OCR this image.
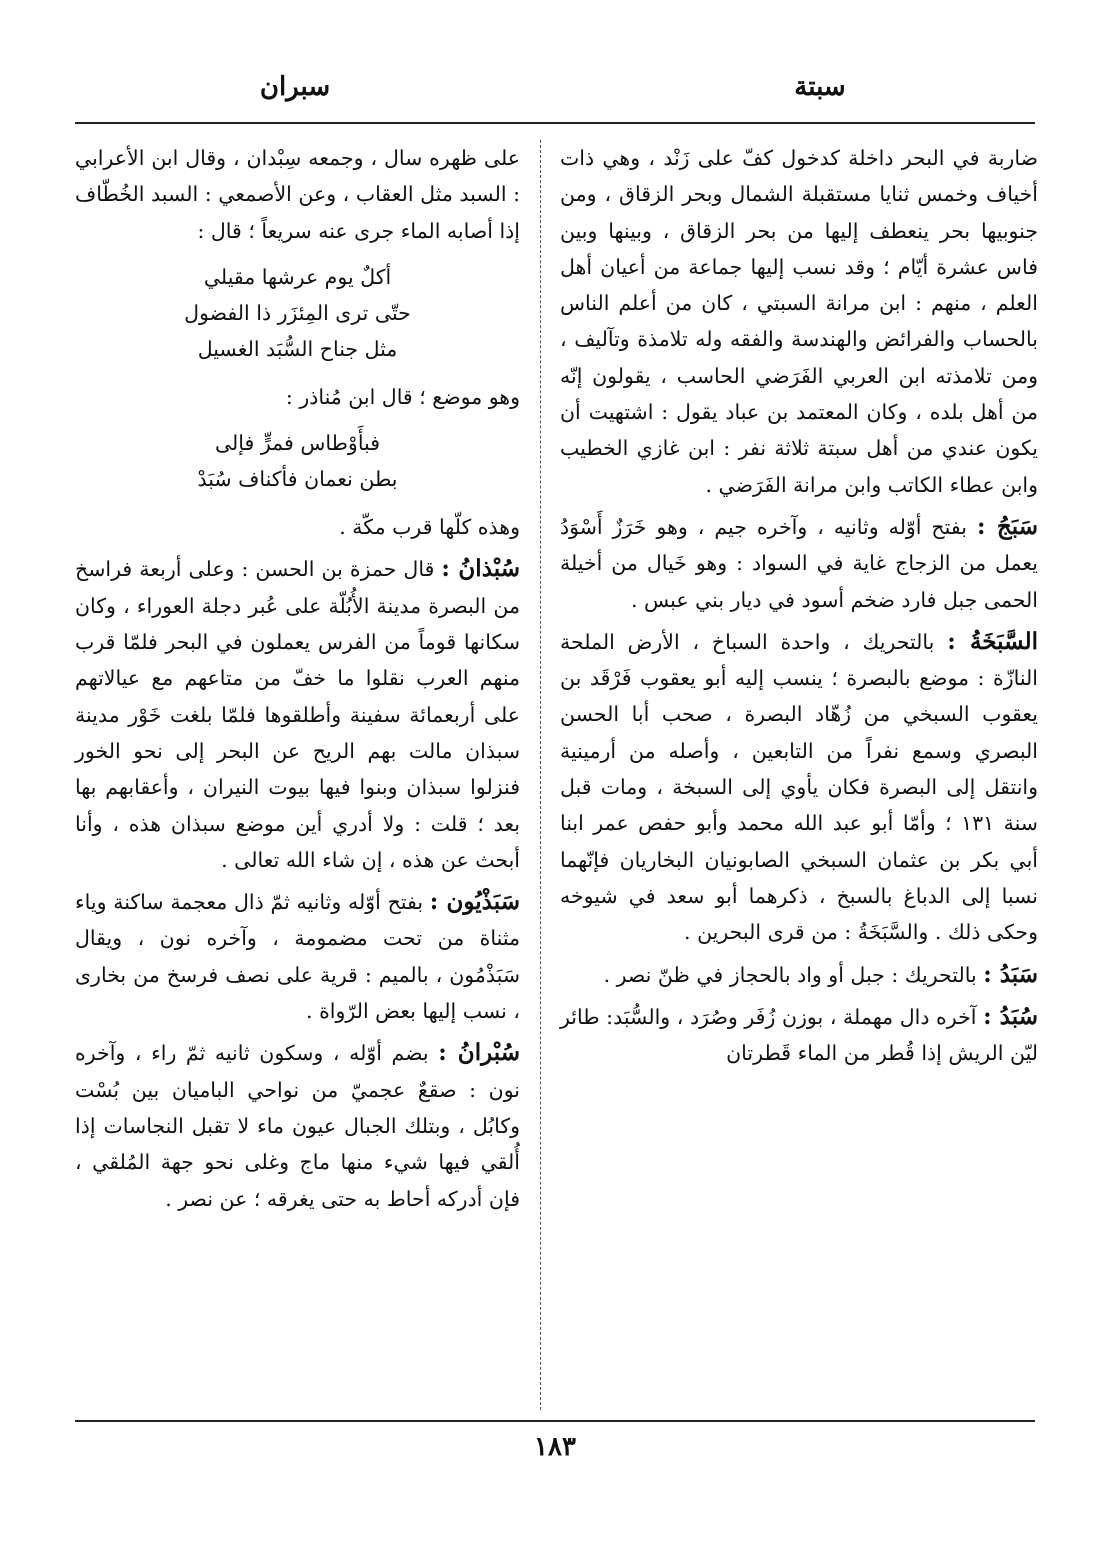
سبتة
سبران

ضاربة في البحر داخلة كدخول كفّ على زَنْد ، وهي ذات أخياف وخمس ثنايا مستقبلة الشمال وبحر الزقاق ، ومن جنوبيها بحر ينعطف إليها من بحر الزقاق ، وبينها وبين فاس عشرة أيّام ؛ وقد نسب إليها جماعة من أعيان أهل العلم ، منهم : ابن مرانة السبتي ، كان من أعلم الناس بالحساب والفرائض والهندسة والفقه وله تلامذة وتآليف ، ومن تلامذته ابن العربي الفَرَضي الحاسب ، يقولون إنّه من أهل بلده ، وكان المعتمد بن عباد يقول : اشتهيت أن يكون عندي من أهل سبتة ثلاثة نفر : ابن غازي الخطيب وابن عطاء الكاتب وابن مرانة الفَرَضي .

سَبَجُ : بفتح أوّله وثانيه ، وآخره جيم ، وهو خَرَزٌ أَسْوَدُ يعمل من الزجاج غاية في السواد : وهو خَيال من أخيلة الحمى جبل فارد ضخم أسود في ديار بني عبس .

السَّبَخَةُ : بالتحريك ، واحدة السباخ ، الأرض الملحة النازّة : موضع بالبصرة ؛ ينسب إليه أبو يعقوب فَرْقَد بن يعقوب السبخي من زُهّاد البصرة ، صحب أبا الحسن البصري وسمع نفراً من التابعين ، وأصله من أرمينية وانتقل إلى البصرة فكان يأوي إلى السبخة ، ومات قبل سنة ١٣١ ؛ وأمّا أبو عبد الله محمد وأبو حفص عمر ابنا أبي بكر بن عثمان السبخي الصابونيان البخاريان فإنّهما نسبا إلى الدباغ بالسبخ ، ذكرهما أبو سعد في شيوخه وحكى ذلك . والسَّبَخَةُ : من قرى البحرين .

سَبَدُ : بالتحريك : جبل أو واد بالحجاز في ظنّ نصر .

سُبَدُ : آخره دال مهملة ، بوزن زُفَر وصُرَد ، والسُّبَد: طائر ليّن الريش إذا قُطر من الماء قَطرتان

على ظهره سال ، وجمعه سِبْدان ، وقال ابن الأعرابي : السبد مثل العقاب ، وعن الأصمعي : السبد الخُطّاف إذا أصابه الماء جرى عنه سريعاً ؛ قال :

أكلٌ يوم عرشها مقيلي
حتّى ترى المِئزَر ذا الفضول
مثل جناح السُّبَد الغسيل

وهو موضع ؛ قال ابن مُناذر :

فبأَوْطاس فمرٍّ فإلى
بطن نعمان فأكناف سُبَدْ

وهذه كلّها قرب مكّة .

سُبْذانُ : قال حمزة بن الحسن : وعلى أربعة فراسخ من البصرة مدينة الأُبُلّة على عُبر دجلة العوراء ، وكان سكانها قوماً من الفرس يعملون في البحر فلمّا قرب منهم العرب نقلوا ما خفّ من متاعهم مع عيالاتهم على أربعمائة سفينة وأطلقوها فلمّا بلغت خَوْر مدينة سبذان مالت بهم الريح عن البحر إلى نحو الخور فنزلوا سبذان وبنوا فيها بيوت النيران ، وأعقابهم بها بعد ؛ قلت : ولا أدري أين موضع سبذان هذه ، وأنا أبحث عن هذه ، إن شاء الله تعالى .

سَبَذْيُون : بفتح أوّله وثانيه ثمّ ذال معجمة ساكنة وياء مثناة من تحت مضمومة ، وآخره نون ، ويقال سَبَذْمُون ، بالميم : قرية على نصف فرسخ من بخارى ، نسب إليها بعض الرّواة .

سُبْرانُ : بضم أوّله ، وسكون ثانيه ثمّ راء ، وآخره نون : صقعٌ عجميّ من نواحي الباميان بين بُسْت وكابُل ، وبتلك الجبال عيون ماء لا تقبل النجاسات إذا أُلقي فيها شيء منها ماج وغلى نحو جهة المُلقي ، فإن أدركه أحاط به حتى يغرقه ؛ عن نصر .

١٨٣
